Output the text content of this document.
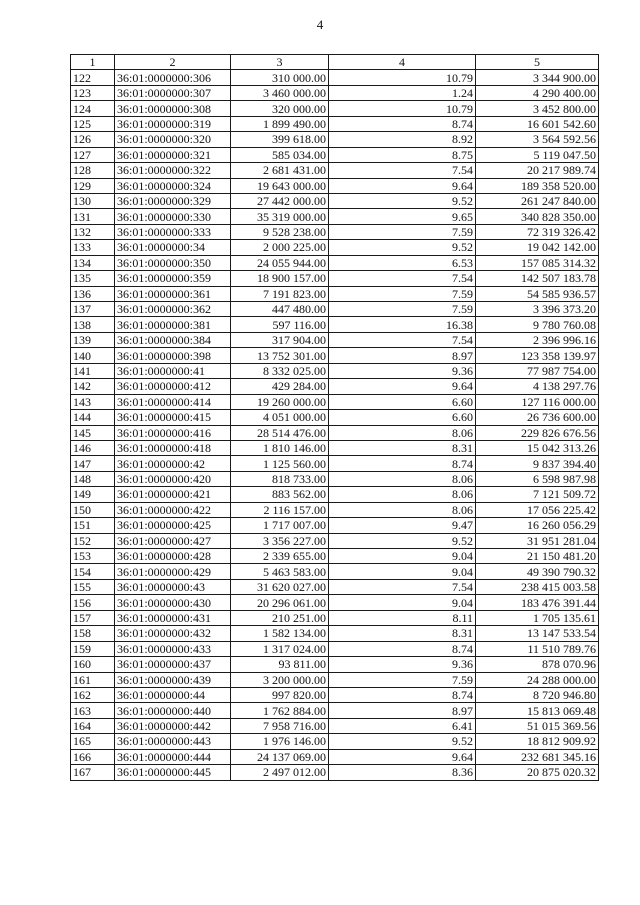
4
1	2	3	4	5
122	36:01:0000000:306	310 000.00	10.79	3 344 900.00
123	36:01:0000000:307	3 460 000.00	1.24	4 290 400.00
124	36:01:0000000:308	320 000.00	10.79	3 452 800.00
125	36:01:0000000:319	1 899 490.00	8.74	16 601 542.60
126	36:01:0000000:320	399 618.00	8.92	3 564 592.56
127	36:01:0000000:321	585 034.00	8.75	5 119 047.50
128	36:01:0000000:322	2 681 431.00	7.54	20 217 989.74
129	36:01:0000000:324	19 643 000.00	9.64	189 358 520.00
130	36:01:0000000:329	27 442 000.00	9.52	261 247 840.00
131	36:01:0000000:330	35 319 000.00	9.65	340 828 350.00
132	36:01:0000000:333	9 528 238.00	7.59	72 319 326.42
133	36:01:0000000:34	2 000 225.00	9.52	19 042 142.00
134	36:01:0000000:350	24 055 944.00	6.53	157 085 314.32
135	36:01:0000000:359	18 900 157.00	7.54	142 507 183.78
136	36:01:0000000:361	7 191 823.00	7.59	54 585 936.57
137	36:01:0000000:362	447 480.00	7.59	3 396 373.20
138	36:01:0000000:381	597 116.00	16.38	9 780 760.08
139	36:01:0000000:384	317 904.00	7.54	2 396 996.16
140	36:01:0000000:398	13 752 301.00	8.97	123 358 139.97
141	36:01:0000000:41	8 332 025.00	9.36	77 987 754.00
142	36:01:0000000:412	429 284.00	9.64	4 138 297.76
143	36:01:0000000:414	19 260 000.00	6.60	127 116 000.00
144	36:01:0000000:415	4 051 000.00	6.60	26 736 600.00
145	36:01:0000000:416	28 514 476.00	8.06	229 826 676.56
146	36:01:0000000:418	1 810 146.00	8.31	15 042 313.26
147	36:01:0000000:42	1 125 560.00	8.74	9 837 394.40
148	36:01:0000000:420	818 733.00	8.06	6 598 987.98
149	36:01:0000000:421	883 562.00	8.06	7 121 509.72
150	36:01:0000000:422	2 116 157.00	8.06	17 056 225.42
151	36:01:0000000:425	1 717 007.00	9.47	16 260 056.29
152	36:01:0000000:427	3 356 227.00	9.52	31 951 281.04
153	36:01:0000000:428	2 339 655.00	9.04	21 150 481.20
154	36:01:0000000:429	5 463 583.00	9.04	49 390 790.32
155	36:01:0000000:43	31 620 027.00	7.54	238 415 003.58
156	36:01:0000000:430	20 296 061.00	9.04	183 476 391.44
157	36:01:0000000:431	210 251.00	8.11	1 705 135.61
158	36:01:0000000:432	1 582 134.00	8.31	13 147 533.54
159	36:01:0000000:433	1 317 024.00	8.74	11 510 789.76
160	36:01:0000000:437	93 811.00	9.36	878 070.96
161	36:01:0000000:439	3 200 000.00	7.59	24 288 000.00
162	36:01:0000000:44	997 820.00	8.74	8 720 946.80
163	36:01:0000000:440	1 762 884.00	8.97	15 813 069.48
164	36:01:0000000:442	7 958 716.00	6.41	51 015 369.56
165	36:01:0000000:443	1 976 146.00	9.52	18 812 909.92
166	36:01:0000000:444	24 137 069.00	9.64	232 681 345.16
167	36:01:0000000:445	2 497 012.00	8.36	20 875 020.32
